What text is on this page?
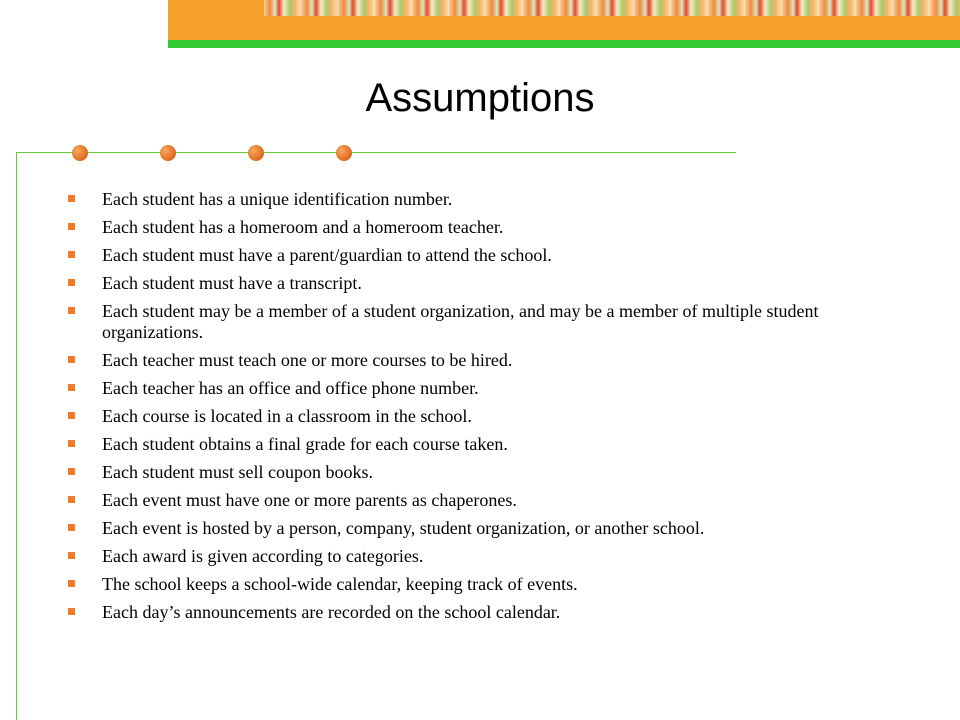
Assumptions
Each student has a unique identification number.
Each student has a homeroom and a homeroom teacher.
Each student must have a parent/guardian to attend the school.
Each student must have a transcript.
Each student may be a member of a student organization, and may be a member of multiple student organizations.
Each teacher must teach one or more courses to be hired.
Each teacher has an office and office phone number.
Each course is located in a classroom in the school.
Each student obtains a final grade for each course taken.
Each student must sell coupon books.
Each event must have one or more parents as chaperones.
Each event is hosted by a person, company, student organization, or another school.
Each award is given according to categories.
The school keeps a school-wide calendar, keeping track of events.
Each day’s announcements are recorded on the school calendar.
